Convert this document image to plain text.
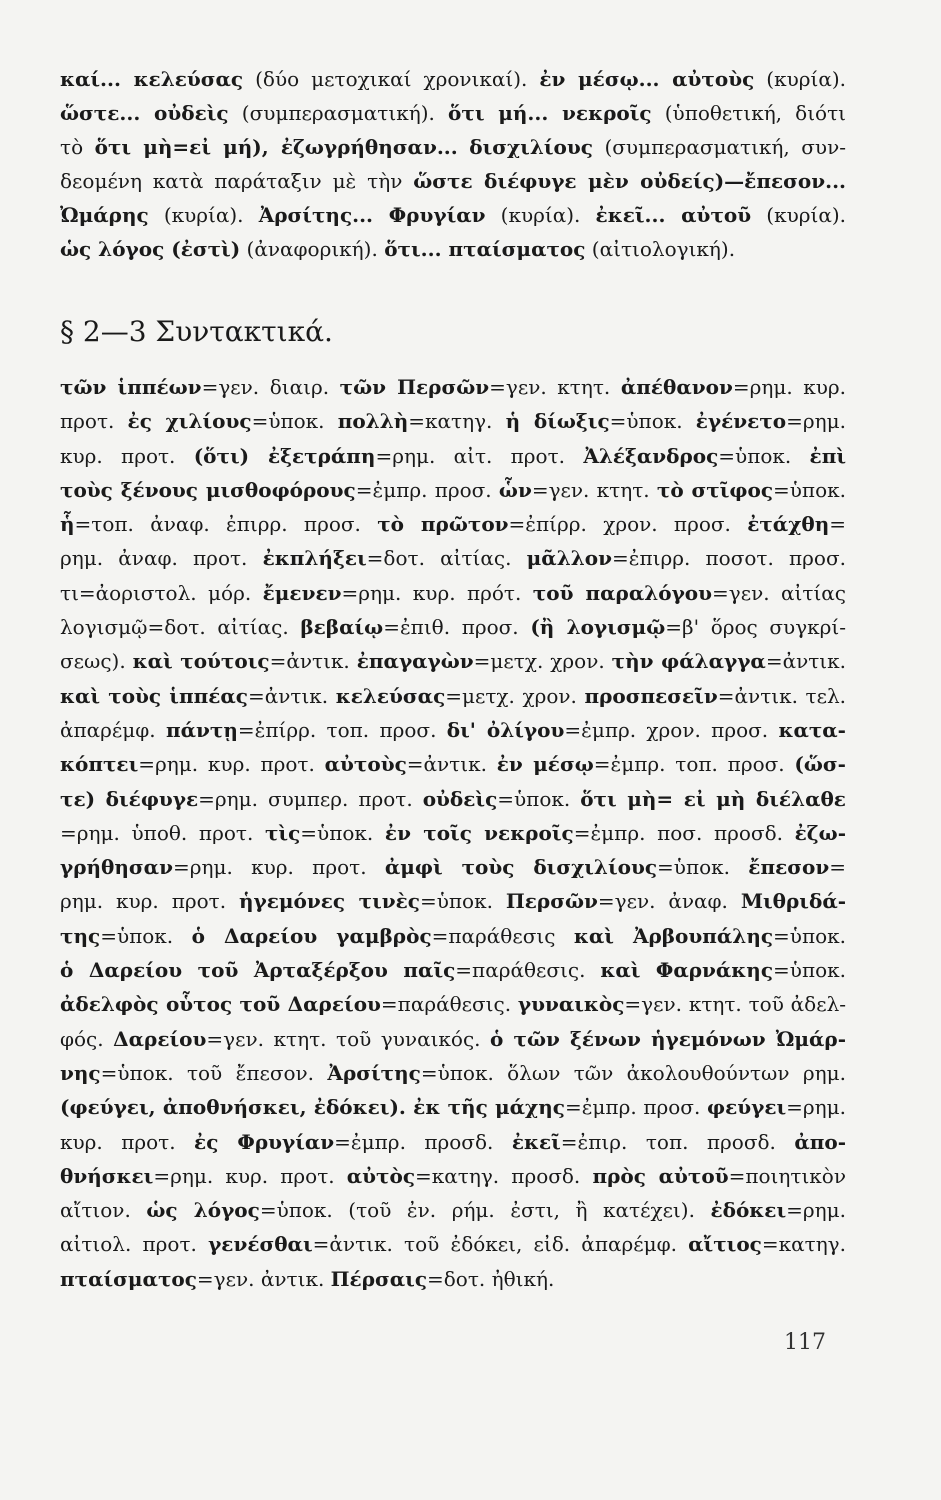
καί... κελεύσας (δύο μετοχικαί χρονικαί). ἐν μέσῳ... αὐτοὺς (κυρία).
ὥστε... οὐδεὶς (συμπερασματική). ὅτι μή... νεκροῖς (ὑποθετική, διότι
τὸ ὅτι μὴ=εἰ μή), ἐζωγρήθησαν... δισχιλίους (συμπερασματική, συν-
δεομένη κατὰ παράταξιν μὲ τὴν ὥστε διέφυγε μὲν οὐδείς)—ἔπεσον...
Ὠμάρης (κυρία). Ἀρσίτης... Φρυγίαν (κυρία). ἐκεῖ... αὐτοῦ (κυρία).
ὡς λόγος (ἐστὶ) (ἀναφορική). ὅτι... πταίσματος (αἰτιολογική).
§ 2—3 Συντακτικά.
τῶν ἱππέων=γεν. διαιρ. τῶν Περσῶν=γεν. κτητ. ἀπέθανον=ρημ. κυρ.
προτ. ἐς χιλίους=ὑποκ. πολλὴ=κατηγ. ἡ δίωξις=ὑποκ. ἐγένετο=ρημ.
κυρ. προτ. (ὅτι) ἐξετράπη=ρημ. αἰτ. προτ. Ἀλέξανδρος=ὑποκ. ἐπὶ
τοὺς ξένους μισθοφόρους=ἐμπρ. προσ. ὧν=γεν. κτητ. τὸ στῖφος=ὑποκ.
ἧ=τοπ. ἀναφ. ἐπιρρ. προσ. τὸ πρῶτον=ἐπίρρ. χρον. προσ. ἐτάχθη=
ρημ. ἀναφ. προτ. ἐκπλήξει=δοτ. αἰτίας. μᾶλλον=ἐπιρρ. ποσοτ. προσ.
τι=ἀοριστολ. μόρ. ἔμενεν=ρημ. κυρ. πρότ. τοῦ παραλόγου=γεν. αἰτίας
λογισμῷ=δοτ. αἰτίας. βεβαίῳ=ἐπιθ. προσ. (ἢ λογισμῷ=β' ὅρος συγκρί-
σεως). καὶ τούτοις=ἀντικ. ἐπαγαγὼν=μετχ. χρον. τὴν φάλαγγα=ἀντικ.
καὶ τοὺς ἱππέας=ἀντικ. κελεύσας=μετχ. χρον. προσπεσεῖν=ἀντικ. τελ.
ἀπαρέμφ. πάντῃ=ἐπίρρ. τοπ. προσ. δι' ὀλίγου=ἐμπρ. χρον. προσ. κατα-
κόπτει=ρημ. κυρ. προτ. αὐτοὺς=ἀντικ. ἐν μέσῳ=ἐμπρ. τοπ. προσ. (ὥσ-
τε) διέφυγε=ρημ. συμπερ. προτ. οὐδεὶς=ὑποκ. ὅτι μὴ= εἰ μὴ διέλαθε
=ρημ. ὑποθ. προτ. τὶς=ὑποκ. ἐν τοῖς νεκροῖς=ἐμπρ. ποσ. προσδ. ἐζω-
γρήθησαν=ρημ. κυρ. προτ. ἀμφὶ τοὺς δισχιλίους=ὑποκ. ἔπεσον=
ρημ. κυρ. προτ. ἡγεμόνες τινὲς=ὑποκ. Περσῶν=γεν. ἀναφ. Μιθριδά-
της=ὑποκ. ὁ Δαρείου γαμβρὸς=παράθεσις καὶ Ἀρβουπάλης=ὑποκ.
ὁ Δαρείου τοῦ Ἀρταξέρξου παῖς=παράθεσις. καὶ Φαρνάκης=ὑποκ.
ἀδελφὸς οὗτος τοῦ Δαρείου=παράθεσις. γυναικὸς=γεν. κτητ. τοῦ ἀδελ-
φός. Δαρείου=γεν. κτητ. τοῦ γυναικός. ὁ τῶν ξένων ἡγεμόνων Ὠμάρ-
νης=ὑποκ. τοῦ ἔπεσον. Ἀρσίτης=ὑποκ. ὅλων τῶν ἀκολουθούντων ρημ.
(φεύγει, ἀποθνήσκει, ἐδόκει). ἐκ τῆς μάχης=ἐμπρ. προσ. φεύγει=ρημ.
κυρ. προτ. ἐς Φρυγίαν=ἐμπρ. προσδ. ἐκεῖ=ἐπιρ. τοπ. προσδ. ἀπο-
θνήσκει=ρημ. κυρ. προτ. αὐτὸς=κατηγ. προσδ. πρὸς αὐτοῦ=ποιητικὸν
αἴτιον. ὡς λόγος=ὑποκ. (τοῦ ἐν. ρήμ. ἐστι, ἢ κατέχει). ἐδόκει=ρημ.
αἰτιολ. προτ. γενέσθαι=ἀντικ. τοῦ ἐδόκει, εἰδ. ἀπαρέμφ. αἴτιος=κατηγ.
πταίσματος=γεν. ἀντικ. Πέρσαις=δοτ. ἠθική.
117
